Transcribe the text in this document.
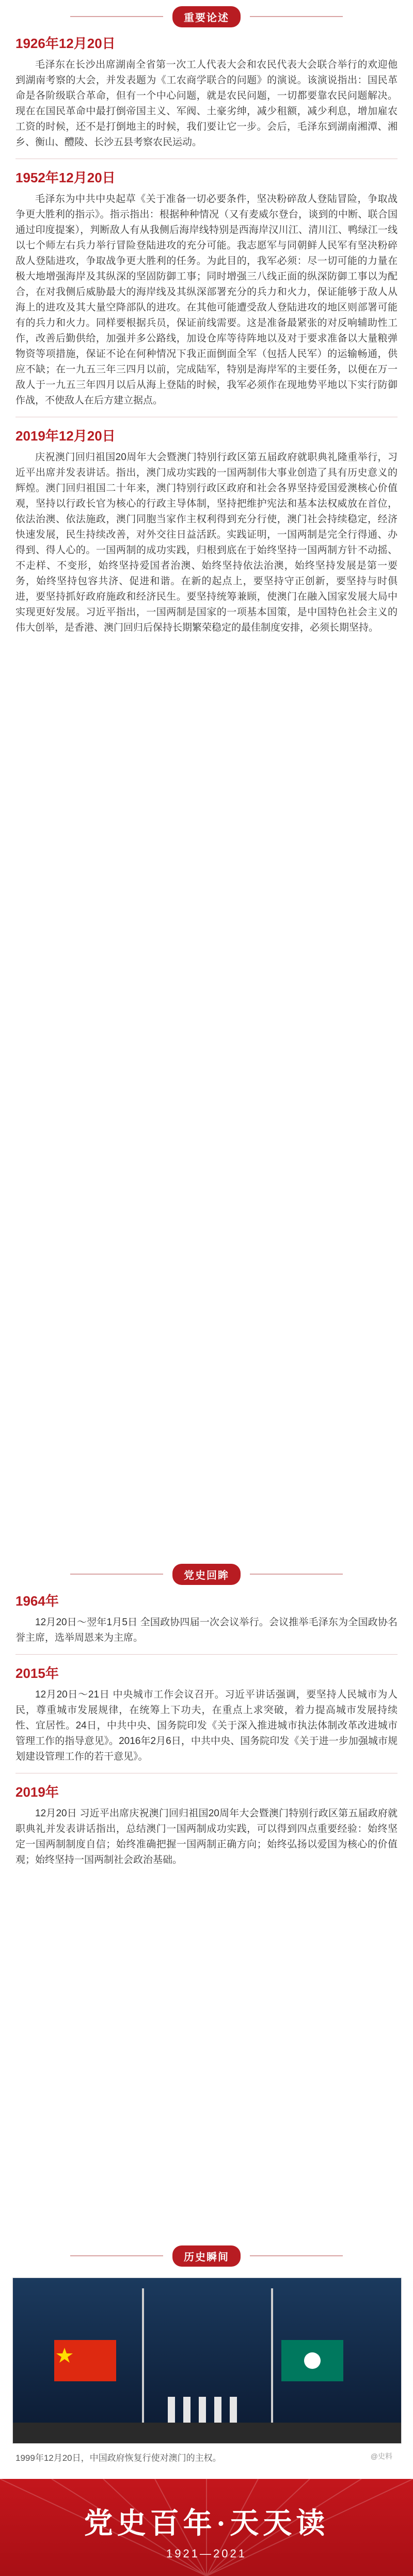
重要论述
1926年12月20日

毛泽东在长沙出席湖南全省第一次工人代表大会和农民代表大会联合举行的欢迎他到湖南考察的大会，并发表题为《工农商学联合的问题》的演说。该演说指出：国民革命是各阶级联合革命，但有一个中心问题，就是农民问题，一切都要靠农民问题解决。现在在国民革命中最打倒帝国主义、军阀、土豪劣绅，减少租额，减少利息，增加雇农工资的时候，还不是打倒地主的时候，我们要让它一步。会后，毛泽东到湖南湘潭、湘乡、衡山、醴陵、长沙五县考察农民运动。

1952年12月20日

毛泽东为中共中央起草《关于准备一切必要条件，坚决粉碎敌人登陆冒险，争取战争更大胜利的指示》。指示指出：根据种种情况（又有麦威尔登台，谈到的中断、联合国通过印度提案），判断敌人有从我侧后海岸线特别是西海岸汉川江、清川江、鸭绿江一线以七个师左右兵力举行冒险登陆进攻的充分可能。我志愿军与同朝鲜人民军有坚决粉碎敌人登陆进攻，争取战争更大胜利的任务。为此目的，我军必须：尽一切可能的力量在极大地增强海岸及其纵深的坚固防御工事；同时增强三八线正面的纵深防御工事以为配合，在对我侧后威胁最大的海岸线及其纵深部署充分的兵力和火力，保证能够于敌人从海上的进攻及其大量空降部队的进攻。在其他可能遭受敌人登陆进攻的地区则部署可能有的兵力和火力。同样要根据兵员，保证前线需要。这是准备最紧张的对反响辅助性工作，改善后勤供给，加强并多公路线，加设仓库等待阵地以及对于要求准备以大量粮弹物资等项措施，保证不论在何种情况下我正面倒面全军（包括人民军）的运输畅通，供应不缺；在一九五三年三四月以前，完成陆军，特别是海岸军的主要任务，以便在万一敌人于一九五三年四月以后从海上登陆的时候，我军必须作在现地势平地以下实行防御作战，不使敌人在后方建立据点。

2019年12月20日

庆祝澳门回归祖国20周年大会暨澳门特别行政区第五届政府就职典礼隆重举行，习近平出席并发表讲话。指出，澳门成功实践的一国两制伟大事业创造了具有历史意义的辉煌。澳门回归祖国二十年来，澳门特别行政区政府和社会各界坚持爱国爱澳核心价值观，坚持以行政长官为核心的行政主导体制，坚持把维护宪法和基本法权威放在首位，依法治澳、依法施政，澳门同胞当家作主权利得到充分行使，澳门社会持续稳定，经济快速发展，民生持续改善，对外交往日益活跃。实践证明，一国两制是完全行得通、办得到、得人心的。一国两制的成功实践，归根到底在于始终坚持一国两制方针不动摇、不走样、不变形，始终坚持爱国者治澳、始终坚持依法治澳，始终坚持发展是第一要务，始终坚持包容共济、促进和谐。在新的起点上，要坚持守正创新，要坚持与时俱进，要坚持抓好政府施政和经济民生。要坚持统筹兼顾，使澳门在融入国家发展大局中实现更好发展。习近平指出，一国两制是国家的一项基本国策，是中国特色社会主义的伟大创举，是香港、澳门回归后保持长期繁荣稳定的最佳制度安排，必须长期坚持。

党史回眸
1964年

12月20日～翌年1月5日 全国政协四届一次会议举行。会议推举毛泽东为全国政协名誉主席，选举周恩来为主席。

2015年

12月20日～21日 中央城市工作会议召开。习近平讲话强调，要坚持人民城市为人民，尊重城市发展规律，在统筹上下功夫，在重点上求突破，着力提高城市发展持续性、宜居性。24日，中共中央、国务院印发《关于深入推进城市执法体制改革改进城市管理工作的指导意见》。2016年2月6日，中共中央、国务院印发《关于进一步加强城市规划建设管理工作的若干意见》。

2019年

12月20日 习近平出席庆祝澳门回归祖国20周年大会暨澳门特别行政区第五届政府就职典礼并发表讲话指出，总结澳门一国两制成功实践，可以得到四点重要经验：始终坚定一国两制制度自信；始终准确把握一国两制正确方向；始终弘扬以爱国为核心的价值观；始终坚持一国两制社会政治基础。

历史瞬间
1999年12月20日，中国政府恢复行使对澳门的主权。	@史料
党史百年·天天读
1921—2021
